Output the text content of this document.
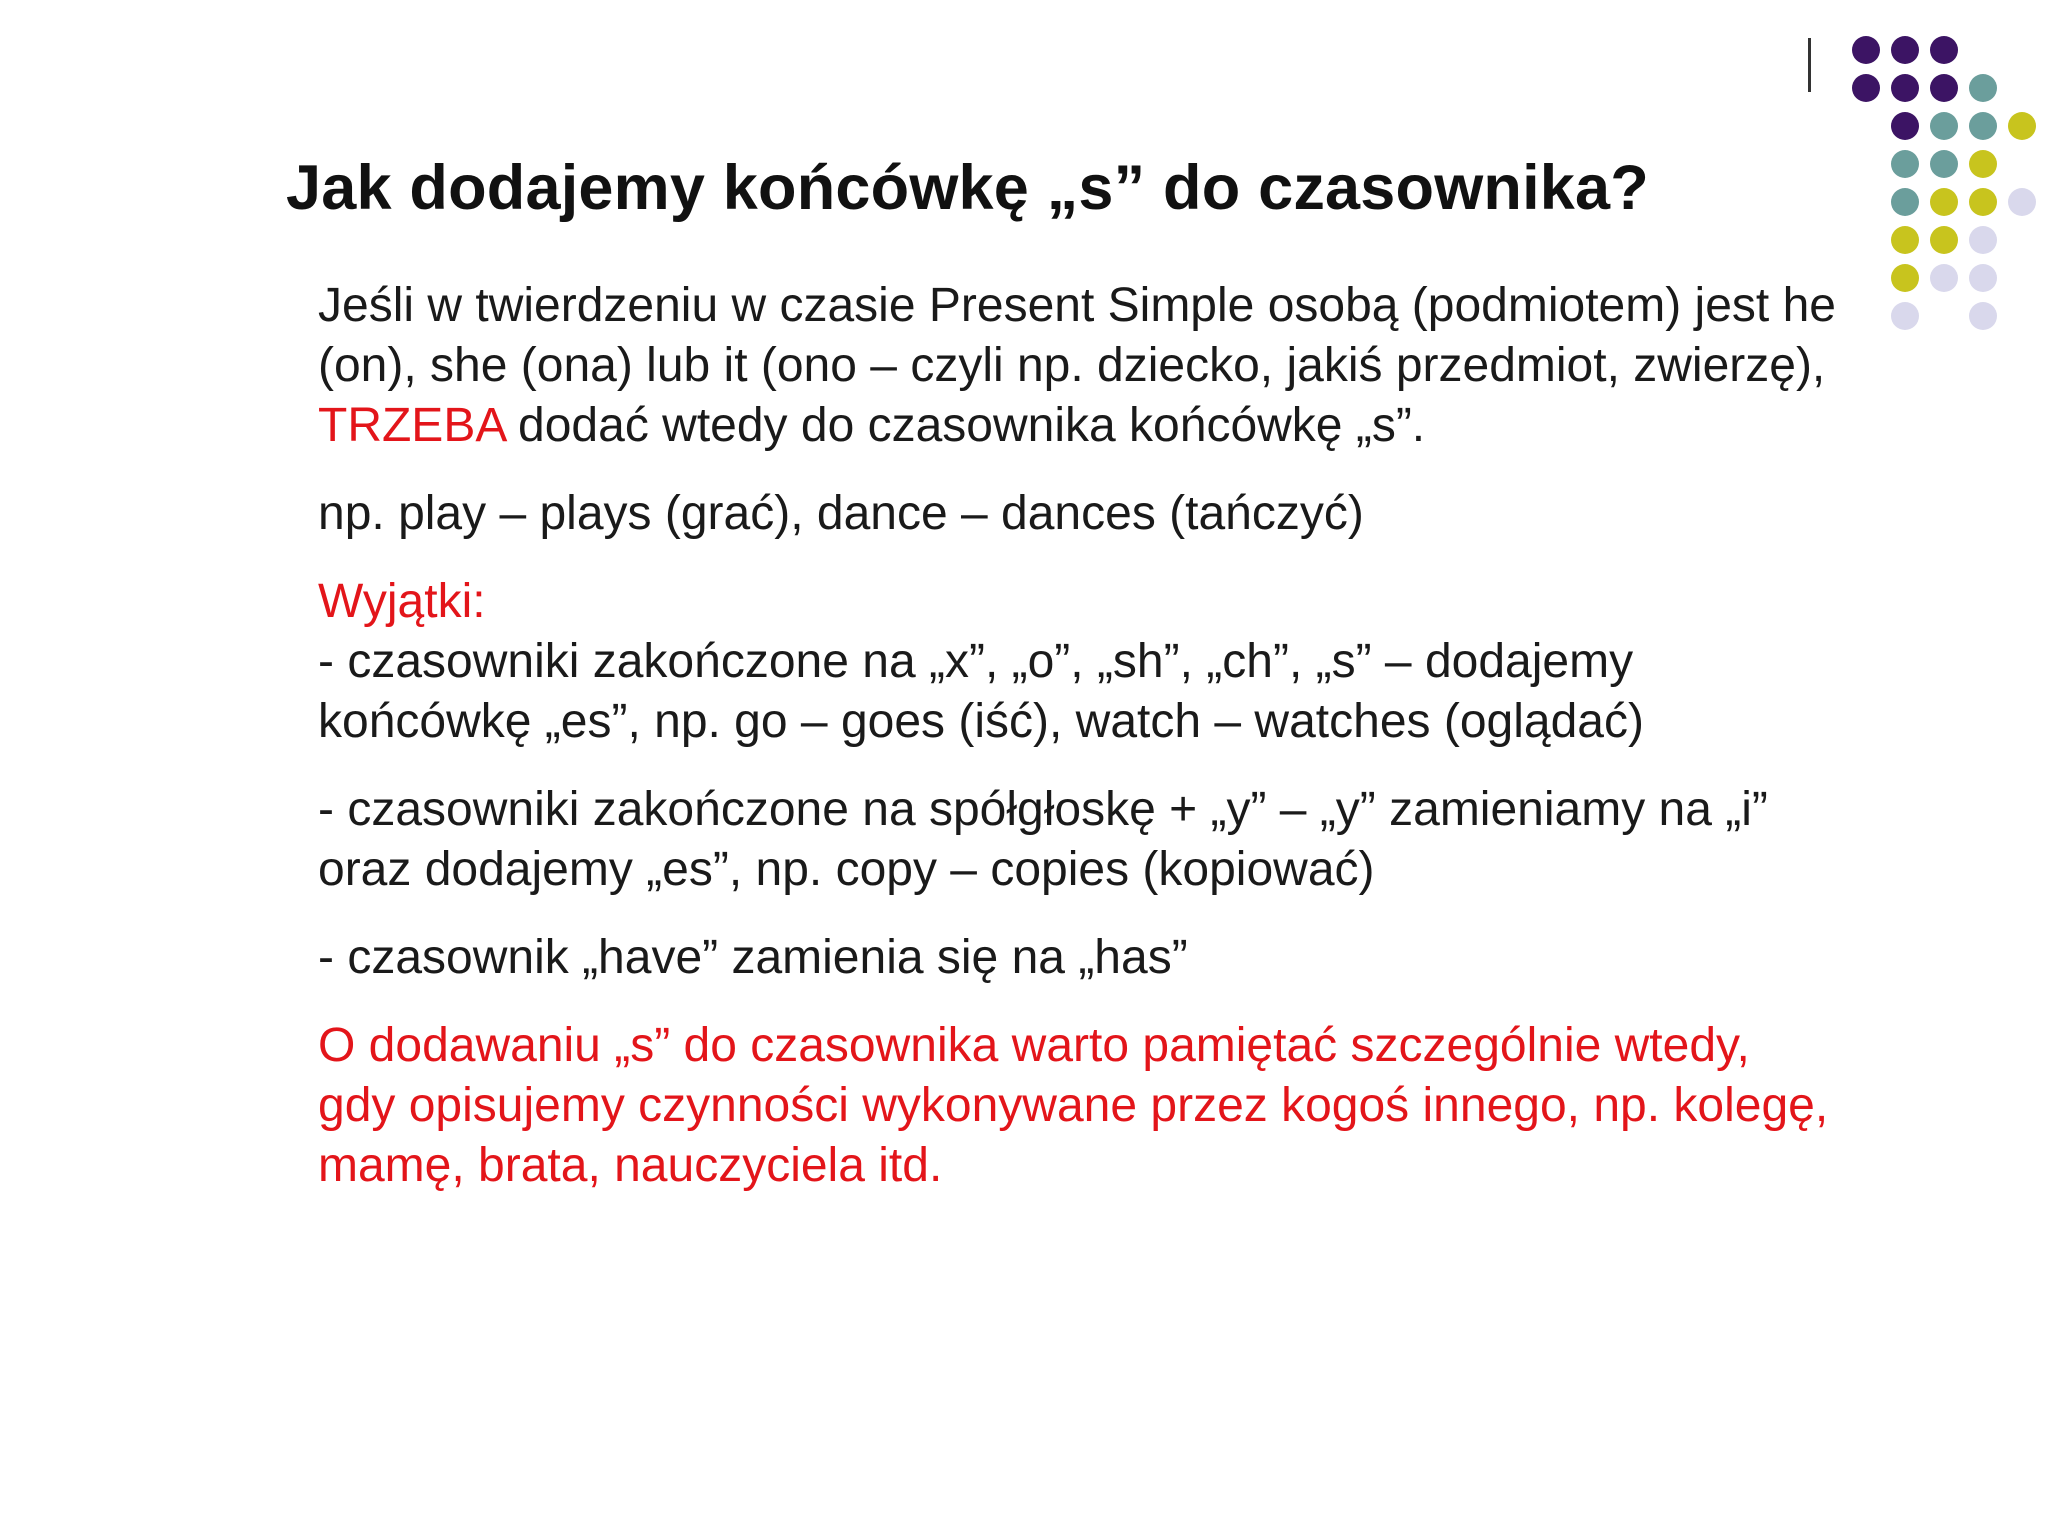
Jak dodajemy końcówkę „s” do czasownika?

Jeśli w twierdzeniu w czasie Present Simple osobą (podmiotem) jest he (on), she (ona) lub it (ono – czyli np. dziecko, jakiś przedmiot, zwierzę), TRZEBA dodać wtedy do czasownika końcówkę „s”.

np. play – plays (grać), dance – dances (tańczyć)

Wyjątki:

- czasowniki zakończone na „x”, „o”, „sh”, „ch”, „s” – dodajemy końcówkę „es”, np. go – goes (iść), watch – watches (oglądać)

- czasowniki zakończone na spółgłoskę + „y” – „y” zamieniamy na „i” oraz dodajemy „es”, np. copy – copies (kopiować)

- czasownik „have” zamienia się na „has”

O dodawaniu „s” do czasownika warto pamiętać szczególnie wtedy, gdy opisujemy czynności wykonywane przez kogoś innego, np. kolegę, mamę, brata, nauczyciela itd.
